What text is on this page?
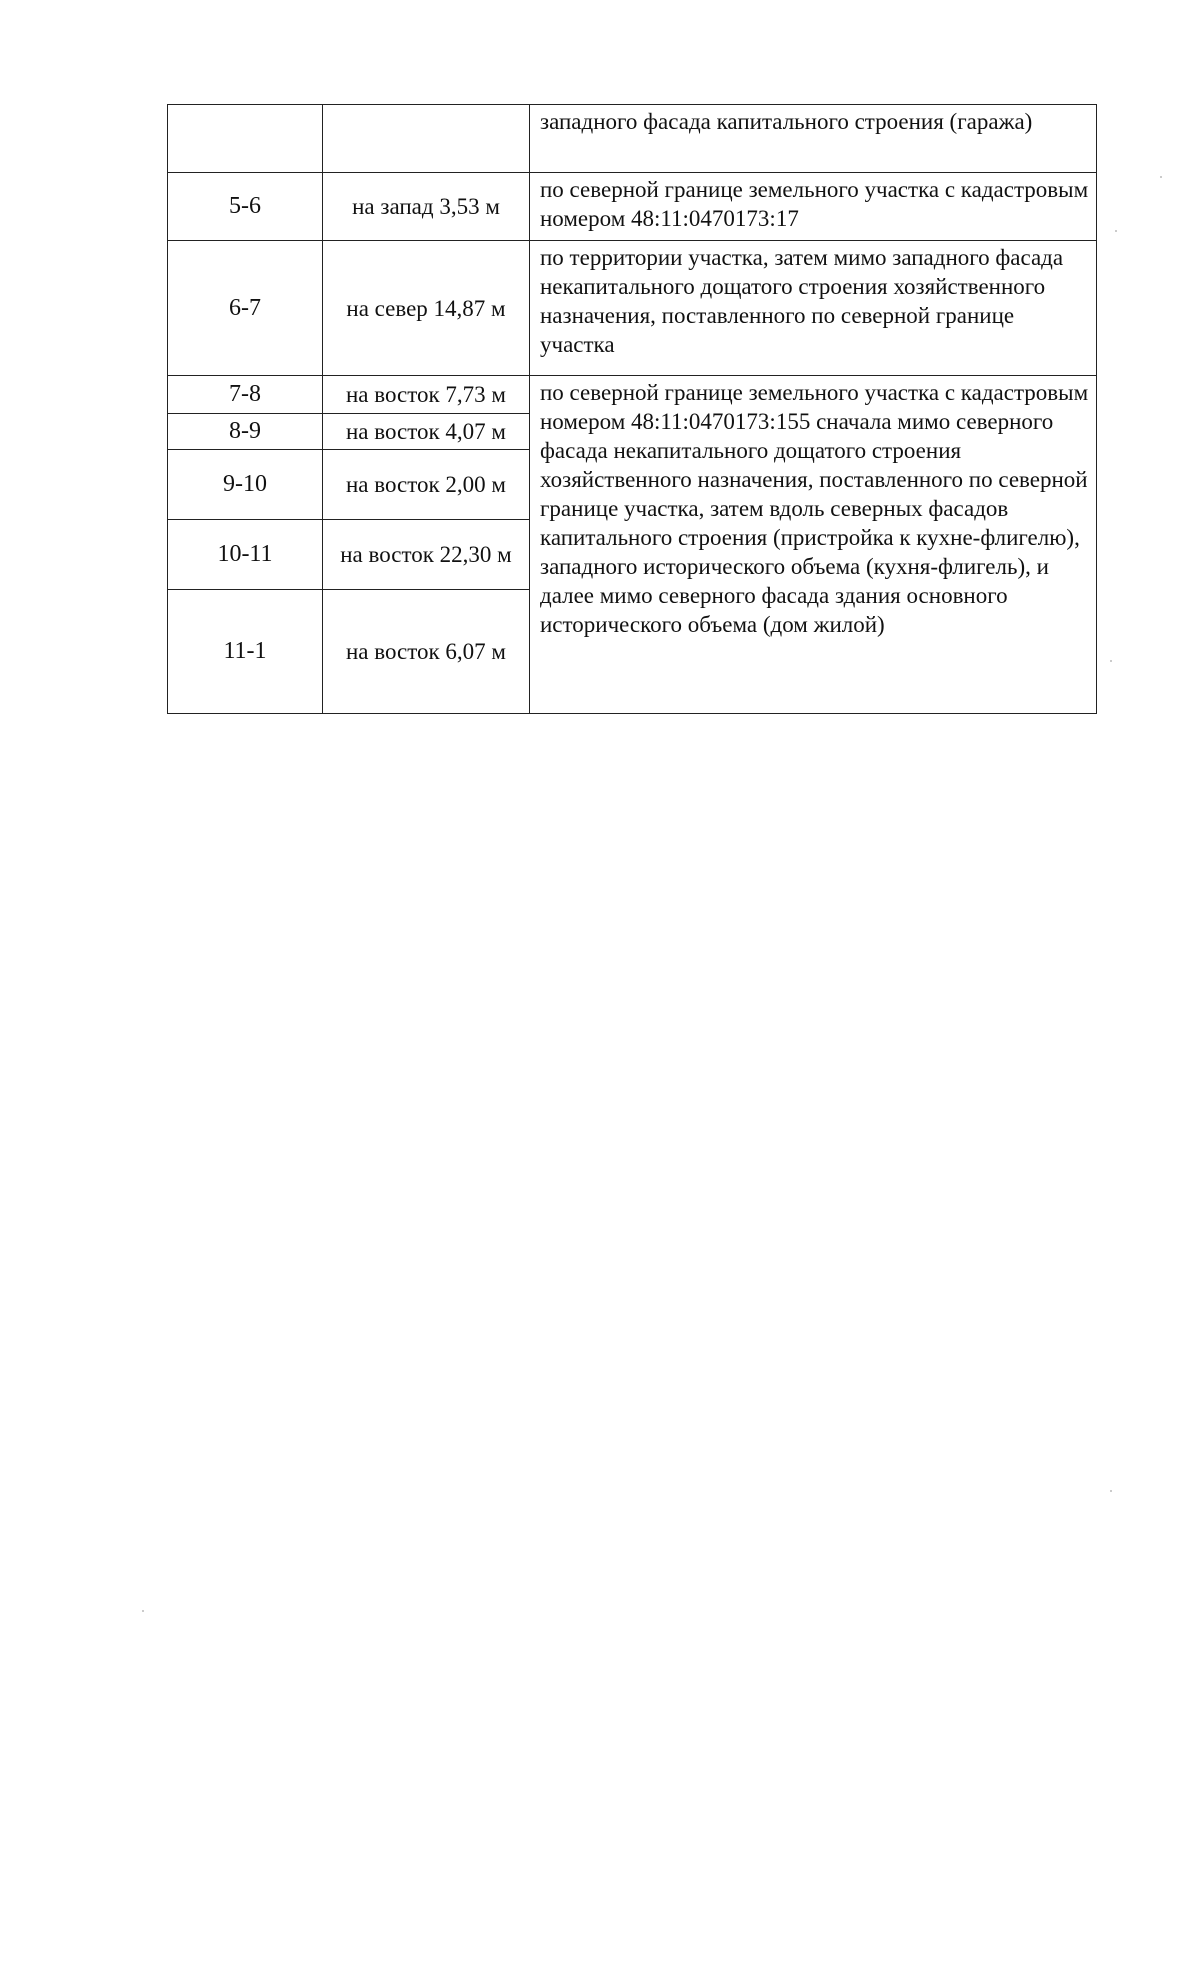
		западного фасада капитального строения (гаража)

5-6	на запад 3,53 м	по северной границе земельного участка с кадастровым номером 48:11:0470173:17

6-7	на север 14,87 м	по территории участка, затем мимо западного фасада некапитального дощатого строения хозяйственного назначения, поставленного по северной границе участка

7-8	на восток 7,73 м	по северной границе земельного участка с кадастровым номером 48:11:0470173:155 сначала мимо северного фасада некапитального дощатого строения хозяйственного назначения, поставленного по северной границе участка, затем вдоль северных фасадов капитального строения (пристройка к кухне-флигелю), западного исторического объема (кухня-флигель), и далее мимо северного фасада здания основного исторического объема (дом жилой)

8-9	на восток 4,07 м	
9-10	на восток 2,00 м	
10-11	на восток 22,30 м	
11-1	на восток 6,07 м	
